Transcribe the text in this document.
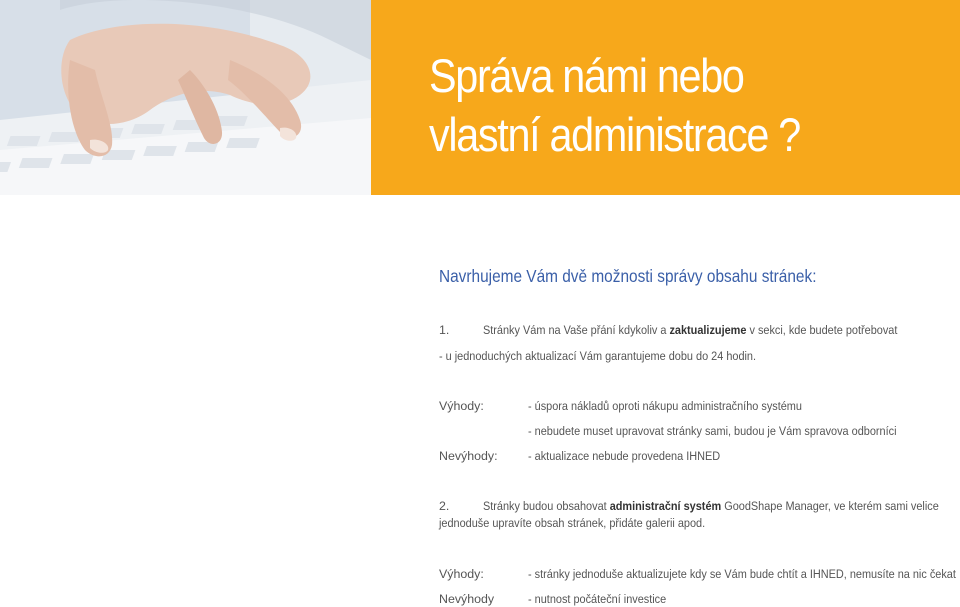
Správa námi nebo
vlastní administrace ?
Navrhujeme Vám dvě možnosti správy obsahu stránek:
1.	Stránky Vám na Vaše přání kdykoliv a zaktualizujeme v sekci, kde budete potřebovat
- u jednoduchých aktualizací Vám garantujeme dobu do 24 hodin.
Výhody:	- úspora nákladů oproti nákupu administračního systému
- nebudete muset upravovat stránky sami, budou je Vám spravova odborníci
Nevýhody: - aktualizace nebude provedena IHNED
2.	Stránky budou obsahovat administrační systém GoodShape Manager, ve kterém sami velice
jednoduše upravíte obsah stránek, přidáte galerii apod.
Výhody:	- stránky jednoduše aktualizujete kdy se Vám bude chtít a IHNED, nemusíte na nic čekat
Nevýhody	- nutnost počáteční investice
